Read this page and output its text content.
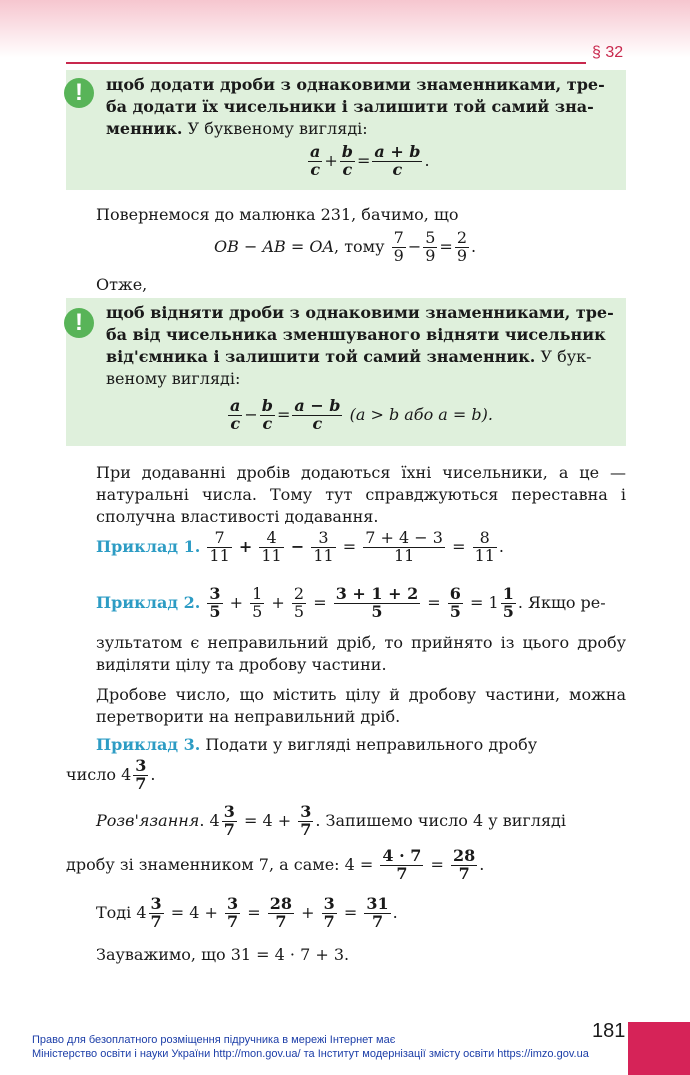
§ 32
!	щоб додати дроби з однаковими знаменниками, тре-
ба додати їх чисельники і залишити той самий зна-
менник. У буквеному вигляді:
$\frac{a}{c} + \frac{b}{c} = \frac{a + b}{c}$ .
Повернемося до малюнка 231, бачимо, що
OB − AB = OA, тому $\frac{7}{9} - \frac{5}{9} = \frac{2}{9}$ .
Отже,
!	щоб відняти дроби з однаковими знаменниками, тре-
ба від чисельника зменшуваного відняти чисельник
від'ємника і залишити той самий знаменник. У бук-
веному вигляді:
$\frac{a}{c} - \frac{b}{c} = \frac{a - b}{c} (a > b$ або a = b).
При додаванні дробів додаються їхні чисельники, а це — натуральні числа. Тому тут справджуються переставна і сполучна властивості додавання.
Приклад 1. $\frac{7}{11} + \frac{4}{11} - \frac{3}{11} = \frac{7 + 4 - 3}{11} = \frac{8}{11}$ .
Приклад 2. $\frac{3}{5} + \frac{1}{5} + \frac{2}{5} = \frac{3 + 1 + 2}{5} = \frac{6}{5} = 1 \frac{1}{5}$ . Якщо ре-
зультатом є неправильний дріб, то прийнято із цього дробу виділяти цілу та дробову частини.
Дробове число, що містить цілу й дробову частини, можна перетворити на неправильний дріб.
Приклад 3. Подати у вигляді неправильного дробу
число $4 \frac{3}{7}$ .
Розв'язання. $4 \frac{3}{7} = 4 + \frac{3}{7}$ . Запишемо число 4 у вигляді
дробу зі знаменником 7, а саме: $4 = \frac{4 \cdot 7}{7} = \frac{28}{7}$ .
Тоді $4 \frac{3}{7} = 4 + \frac{3}{7} = \frac{28}{7} + \frac{3}{7} = \frac{31}{7}$ .
Зауважимо, що 31 = 4 · 7 + 3.
Право для безоплатного розміщення підручника в мережі Інтернет має
Міністерство освіти і науки України http://mon.gov.ua/ та Інститут модернізації змісту освіти https://imzo.gov.ua
181
